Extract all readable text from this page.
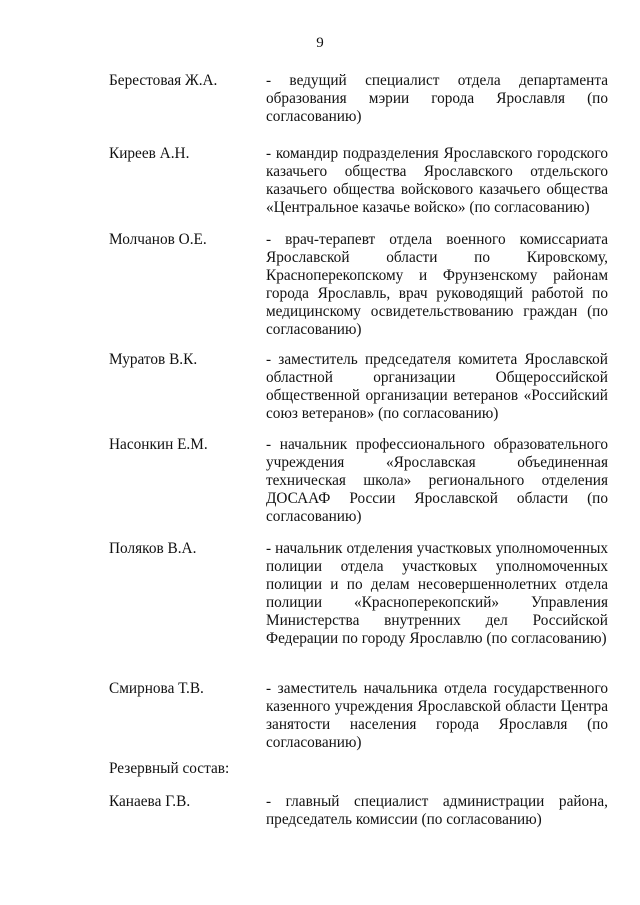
9
Берестовая Ж.А.	- ведущий специалист отдела департамента образования мэрии города Ярославля (по согласованию)

Киреев А.Н.	- командир подразделения Ярославского городского казачьего общества Ярославского отдельского казачьего общества войскового казачьего общества «Центральное казачье войско» (по согласованию)

Молчанов О.Е.	- врач-терапевт отдела военного комиссариата Ярославской области по Кировскому, Красноперекопскому и Фрунзенскому районам города Ярославль, врач руководящий работой по медицинскому освидетельствованию граждан (по согласованию)

Муратов В.К.	- заместитель председателя комитета Ярославской областной организации Общероссийской общественной организации ветеранов «Российский союз ветеранов» (по согласованию)

Насонкин Е.М.	- начальник профессионального образовательного учреждения «Ярославская объединенная техническая школа» регионального отделения ДОСААФ России Ярославской области (по согласованию)

Поляков В.А.	- начальник отделения участковых уполномоченных полиции отдела участковых уполномоченных полиции и по делам несовершеннолетних отдела полиции «Красноперекопский» Управления Министерства внутренних дел Российской Федерации по городу Ярославлю (по согласованию)

Смирнова Т.В.	- заместитель начальника отдела государственного казенного учреждения Ярославской области Центра занятости населения города Ярославля (по согласованию)

Резервный состав:
Канаева Г.В.	- главный специалист администрации района, председатель комиссии (по согласованию)
